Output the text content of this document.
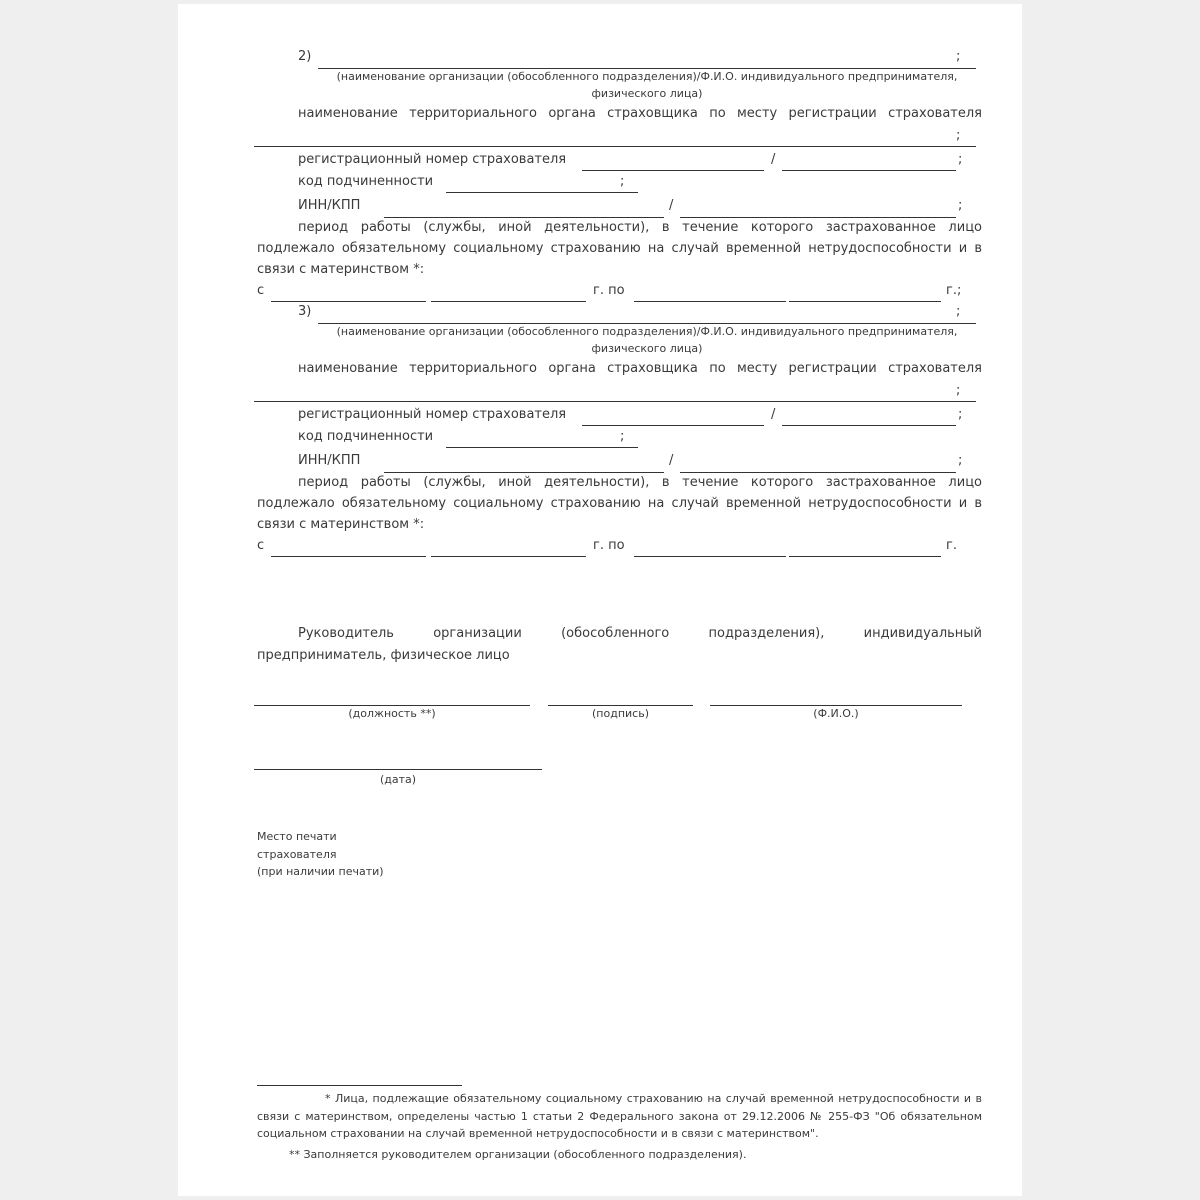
2)	;
(наименование организации (обособленного подразделения)/Ф.И.О. индивидуального предпринимателя,
физического лица)
наименование территориального органа страховщика по месту регистрации страхователя
;
регистрационный номер страхователя	/	;
код подчиненности	;
ИНН/КПП	/	;
период работы (службы, иной деятельности), в течение которого застрахованное лицо подлежало обязательному социальному страхованию на случай временной нетрудоспособности и в связи с материнством *:
с	г. по	г.;
3)	;
(наименование организации (обособленного подразделения)/Ф.И.О. индивидуального предпринимателя,
физического лица)
наименование территориального органа страховщика по месту регистрации страхователя
;
регистрационный номер страхователя	/	;
код подчиненности	;
ИНН/КПП	/	;
период работы (службы, иной деятельности), в течение которого застрахованное лицо подлежало обязательному социальному страхованию на случай временной нетрудоспособности и в связи с материнством *:
с	г. по	г.
Руководитель организации (обособленного подразделения), индивидуальный
предприниматель, физическое лицо
(должность **)	(подпись)	(Ф.И.О.)
(дата)
Место печати
страхователя
(при наличии печати)
* Лица, подлежащие обязательному социальному страхованию на случай временной нетрудоспособности и в связи с материнством, определены частью 1 статьи 2 Федерального закона от 29.12.2006 № 255-ФЗ "Об обязательном социальном страховании на случай временной нетрудоспособности и в связи с материнством".
** Заполняется руководителем организации (обособленного подразделения).
